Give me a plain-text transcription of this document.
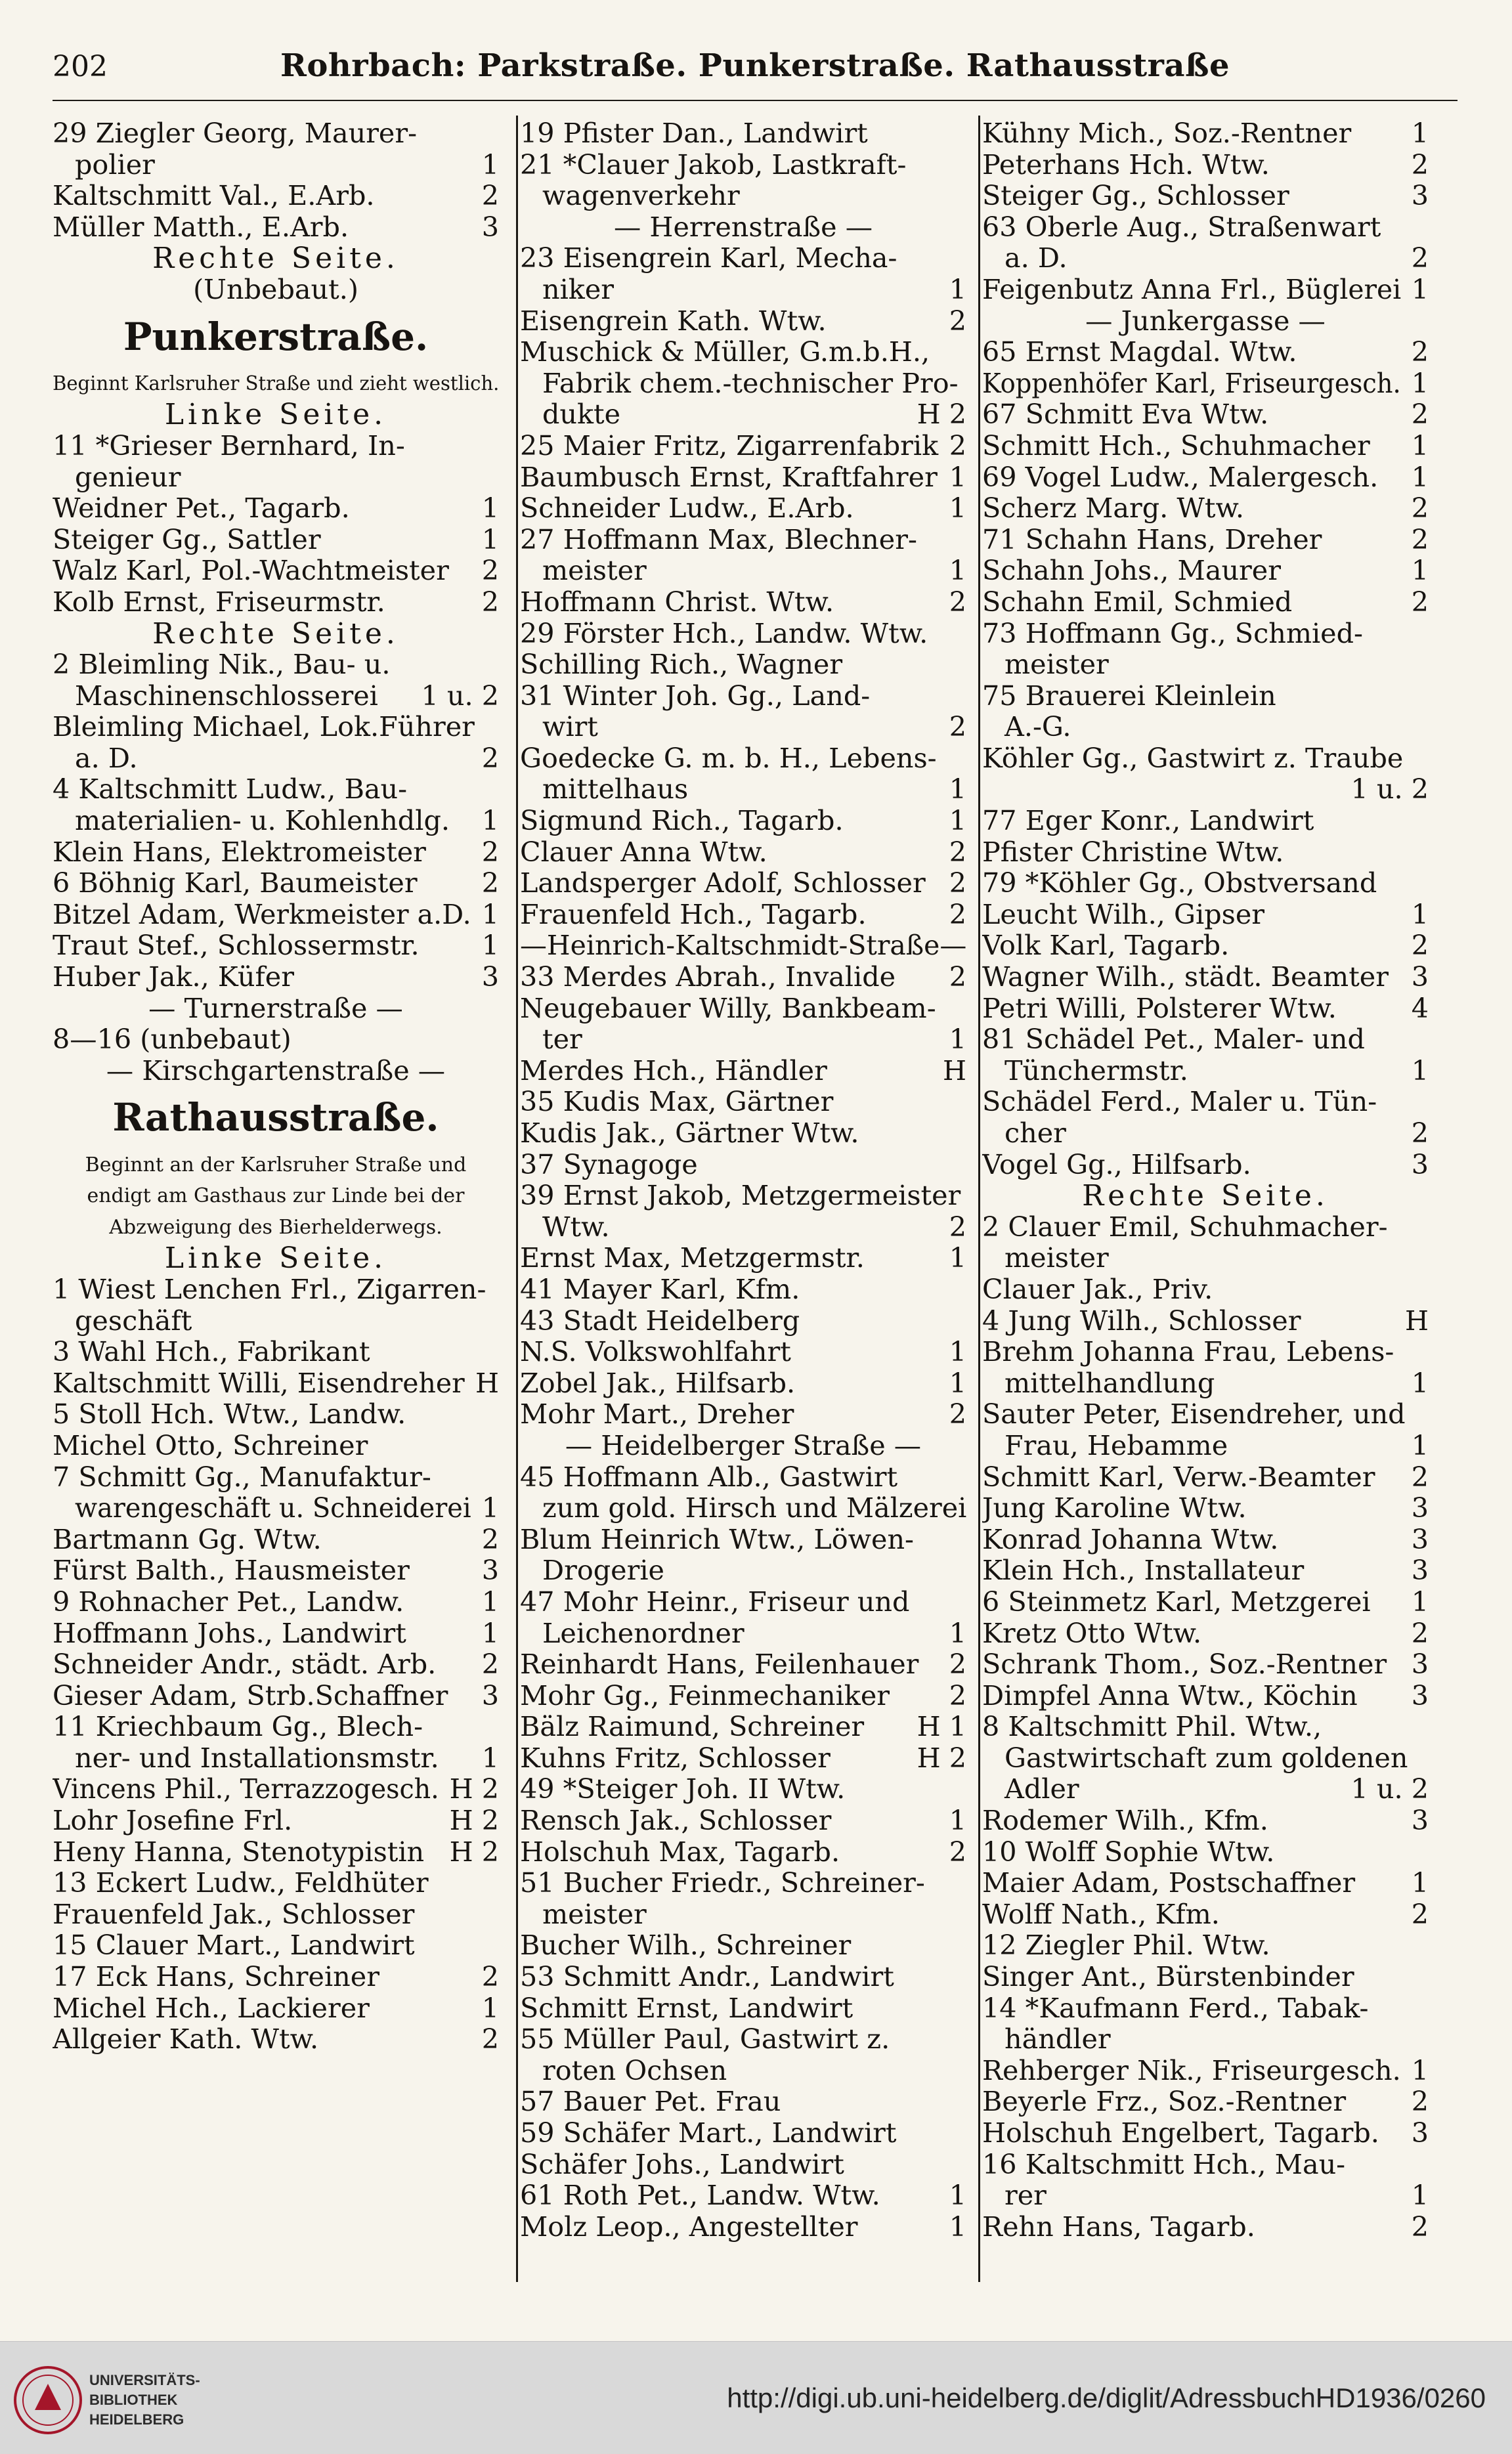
202	Rohrbach: Parkstraße. Punkerstraße. Rathausstraße
29 Ziegler Georg, Maurer-
polier	1
Kaltschmitt Val., E.Arb.	2
Müller Matth., E.Arb.	3
Rechte Seite.
(Unbebaut.)
Punkerstraße.
Beginnt Karlsruher Straße und zieht westlich.
Linke Seite.
11 *Grieser Bernhard, In-
genieur
Weidner Pet., Tagarb.	1
Steiger Gg., Sattler	1
Walz Karl, Pol.-Wachtmeister 2
Kolb Ernst, Friseurmstr.	2
Rechte Seite.
2 Bleimling Nik., Bau- u.
Maschinenschlosserei 1 u. 2
Bleimling Michael, Lok.Führer
a. D.	2
4 Kaltschmitt Ludw., Bau-
materialien- u. Kohlenhdlg. 1
Klein Hans, Elektromeister 2
6 Böhnig Karl, Baumeister 2
Bitzel Adam, Werkmeister a.D. 1
Traut Stef., Schlossermstr. 1
Huber Jak., Küfer	3
— Turnerstraße —
8—16 (unbebaut)
— Kirschgartenstraße —
Rathausstraße.
Beginnt an der Karlsruher Straße und
endigt am Gasthaus zur Linde bei der
Abzweigung des Bierhelderwegs.
Linke Seite.
1 Wiest Lenchen Frl., Zigarren-
geschäft
3 Wahl Hch., Fabrikant
Kaltschmitt Willi, Eisendreher H
5 Stoll Hch. Wtw., Landw.
Michel Otto, Schreiner
7 Schmitt Gg., Manufaktur-
warengeschäft u. Schneiderei 1
Bartmann Gg. Wtw.	2
Fürst Balth., Hausmeister	3
9 Rohnacher Pet., Landw.	1
Hoffmann Johs., Landwirt	1
Schneider Andr., städt. Arb. 2
Gieser Adam, Strb.Schaffner 3
11 Kriechbaum Gg., Blech-
ner- und Installationsmstr. 1
Vincens Phil., Terrazzogesch. H 2
Lohr Josefine Frl.	H 2
Heny Hanna, Stenotypistin H 2
13 Eckert Ludw., Feldhüter
Frauenfeld Jak., Schlosser
15 Clauer Mart., Landwirt
17 Eck Hans, Schreiner	2
Michel Hch., Lackierer	1
Allgeier Kath. Wtw.	2
19 Pfister Dan., Landwirt
21 *Clauer Jakob, Lastkraft-
wagenverkehr
— Herrenstraße —
23 Eisengrein Karl, Mecha-
niker	1
Eisengrein Kath. Wtw.	2
Muschick & Müller, G.m.b.H.,
Fabrik chem.-technischer Pro-
dukte	H 2
25 Maier Fritz, Zigarrenfabrik 2
Baumbusch Ernst, Kraftfahrer 1
Schneider Ludw., E.Arb.	1
27 Hoffmann Max, Blechner-
meister	1
Hoffmann Christ. Wtw.	2
29 Förster Hch., Landw. Wtw.
Schilling Rich., Wagner
31 Winter Joh. Gg., Land-
wirt	2
Goedecke G. m. b. H., Lebens-
mittelhaus	1
Sigmund Rich., Tagarb.	1
Clauer Anna Wtw.	2
Landsperger Adolf, Schlosser 2
Frauenfeld Hch., Tagarb.	2
—Heinrich-Kaltschmidt-Straße—
33 Merdes Abrah., Invalide 2
Neugebauer Willy, Bankbeam-
ter	1
Merdes Hch., Händler	H
35 Kudis Max, Gärtner
Kudis Jak., Gärtner Wtw.
37 Synagoge
39 Ernst Jakob, Metzgermeister
Wtw.	2
Ernst Max, Metzgermstr.	1
41 Mayer Karl, Kfm.
43 Stadt Heidelberg
N.S. Volkswohlfahrt	1
Zobel Jak., Hilfsarb.	1
Mohr Mart., Dreher	2
— Heidelberger Straße —
45 Hoffmann Alb., Gastwirt
zum gold. Hirsch und Mälzerei
Blum Heinrich Wtw., Löwen-
Drogerie
47 Mohr Heinr., Friseur und
Leichenordner	1
Reinhardt Hans, Feilenhauer 2
Mohr Gg., Feinmechaniker 2
Bälz Raimund, Schreiner H 1
Kuhns Fritz, Schlosser	H 2
49 *Steiger Joh. II Wtw.
Rensch Jak., Schlosser	1
Holschuh Max, Tagarb.	2
51 Bucher Friedr., Schreiner-
meister
Bucher Wilh., Schreiner
53 Schmitt Andr., Landwirt
Schmitt Ernst, Landwirt
55 Müller Paul, Gastwirt z.
roten Ochsen
57 Bauer Pet. Frau
59 Schäfer Mart., Landwirt
Schäfer Johs., Landwirt
61 Roth Pet., Landw. Wtw.	1
Molz Leop., Angestellter	1
Kühny Mich., Soz.-Rentner 1
Peterhans Hch. Wtw.	2
Steiger Gg., Schlosser	3
63 Oberle Aug., Straßenwart
a. D.	2
Feigenbutz Anna Frl., Büglerei 1
— Junkergasse —
65 Ernst Magdal. Wtw.	2
Koppenhöfer Karl, Friseurgesch. 1
67 Schmitt Eva Wtw.	2
Schmitt Hch., Schuhmacher 1
69 Vogel Ludw., Malergesch. 1
Scherz Marg. Wtw.	2
71 Schahn Hans, Dreher	2
Schahn Johs., Maurer	1
Schahn Emil, Schmied	2
73 Hoffmann Gg., Schmied-
meister
75 Brauerei Kleinlein
A.-G.
Köhler Gg., Gastwirt z. Traube
1 u. 2
77 Eger Konr., Landwirt
Pfister Christine Wtw.
79 *Köhler Gg., Obstversand
Leucht Wilh., Gipser	1
Volk Karl, Tagarb.	2
Wagner Wilh., städt. Beamter 3
Petri Willi, Polsterer Wtw.	4
81 Schädel Pet., Maler- und
Tünchermstr.	1
Schädel Ferd., Maler u. Tün-
cher	2
Vogel Gg., Hilfsarb.	3
Rechte Seite.
2 Clauer Emil, Schuhmacher-
meister
Clauer Jak., Priv.
4 Jung Wilh., Schlosser	H
Brehm Johanna Frau, Lebens-
mittelhandlung	1
Sauter Peter, Eisendreher, und
Frau, Hebamme	1
Schmitt Karl, Verw.-Beamter 2
Jung Karoline Wtw.	3
Konrad Johanna Wtw.	3
Klein Hch., Installateur	3
6 Steinmetz Karl, Metzgerei 1
Kretz Otto Wtw.	2
Schrank Thom., Soz.-Rentner 3
Dimpfel Anna Wtw., Köchin 3
8 Kaltschmitt Phil. Wtw.,
Gastwirtschaft zum goldenen
Adler	1 u. 2
Rodemer Wilh., Kfm.	3
10 Wolff Sophie Wtw.
Maier Adam, Postschaffner 1
Wolff Nath., Kfm.	2
12 Ziegler Phil. Wtw.
Singer Ant., Bürstenbinder
14 *Kaufmann Ferd., Tabak-
händler
Rehberger Nik., Friseurgesch. 1
Beyerle Frz., Soz.-Rentner 2
Holschuh Engelbert, Tagarb. 3
16 Kaltschmitt Hch., Mau-
rer	1
Rehn Hans, Tagarb.	2
UNIVERSITÄTS-
BIBLIOTHEK
HEIDELBERG
http://digi.ub.uni-heidelberg.de/diglit/AdressbuchHD1936/0260
